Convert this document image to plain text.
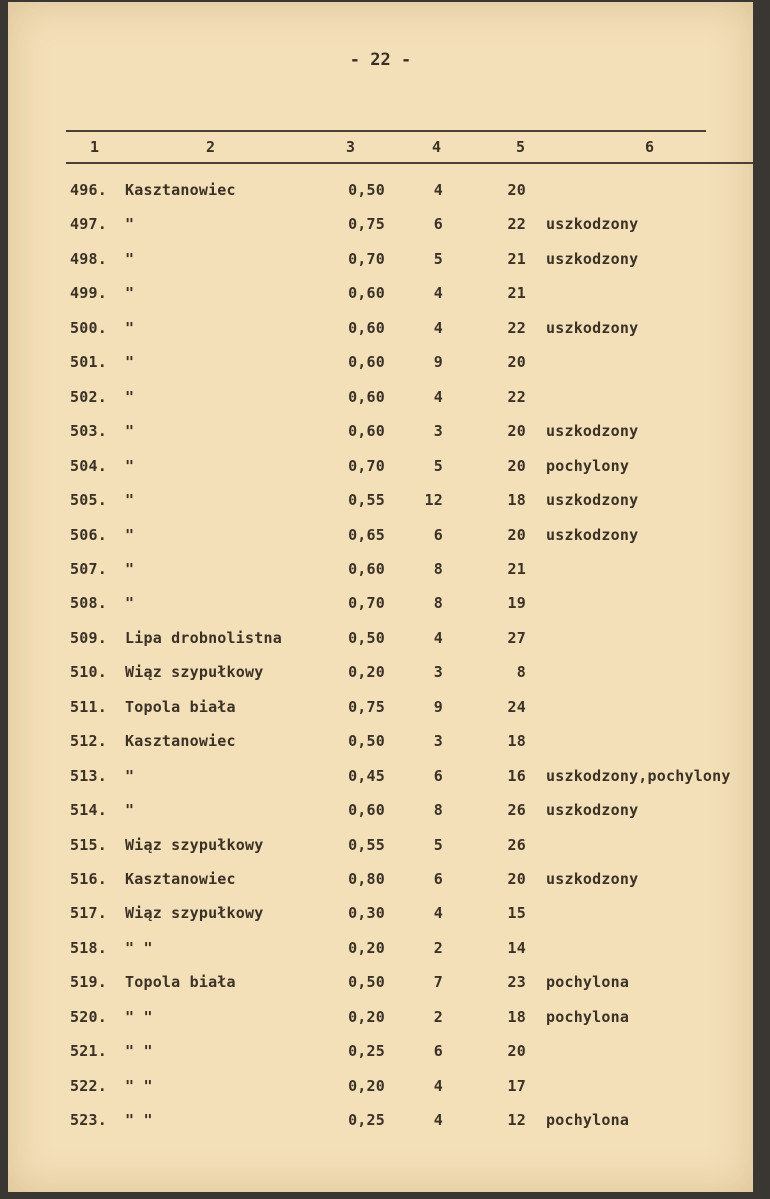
- 22 -
1	2	3	4	5	6
496. Kasztanowiec	0,50	4	20
497. "	0,75	6	22 uszkodzony
498. "	0,70	5	21 uszkodzony
499. "	0,60	4	21
500. "	0,60	4	22 uszkodzony
501. "	0,60	9	20
502. "	0,60	4	22
503. "	0,60	3	20 uszkodzony
504. "	0,70	5	20 pochylony
505. "	0,55	12	18 uszkodzony
506. "	0,65	6	20 uszkodzony
507. "	0,60	8	21
508. "	0,70	8	19
509. Lipa drobnolistna	0,50	4	27
510. Wiąz szypułkowy	0,20	3	8
511. Topola biała	0,75	9	24
512. Kasztanowiec	0,50	3	18
513. "	0,45	6	16 uszkodzony,pochylony
514. "	0,60	8	26 uszkodzony
515. Wiąz szypułkowy	0,55	5	26
516. Kasztanowiec	0,80	6	20 uszkodzony
517. Wiąz szypułkowy	0,30	4	15
518. " "	0,20	2	14
519. Topola biała	0,50	7	23 pochylona
520. " "	0,20	2	18 pochylona
521. " "	0,25	6	20
522. " "	0,20	4	17
523. " "	0,25	4	12 pochylona
